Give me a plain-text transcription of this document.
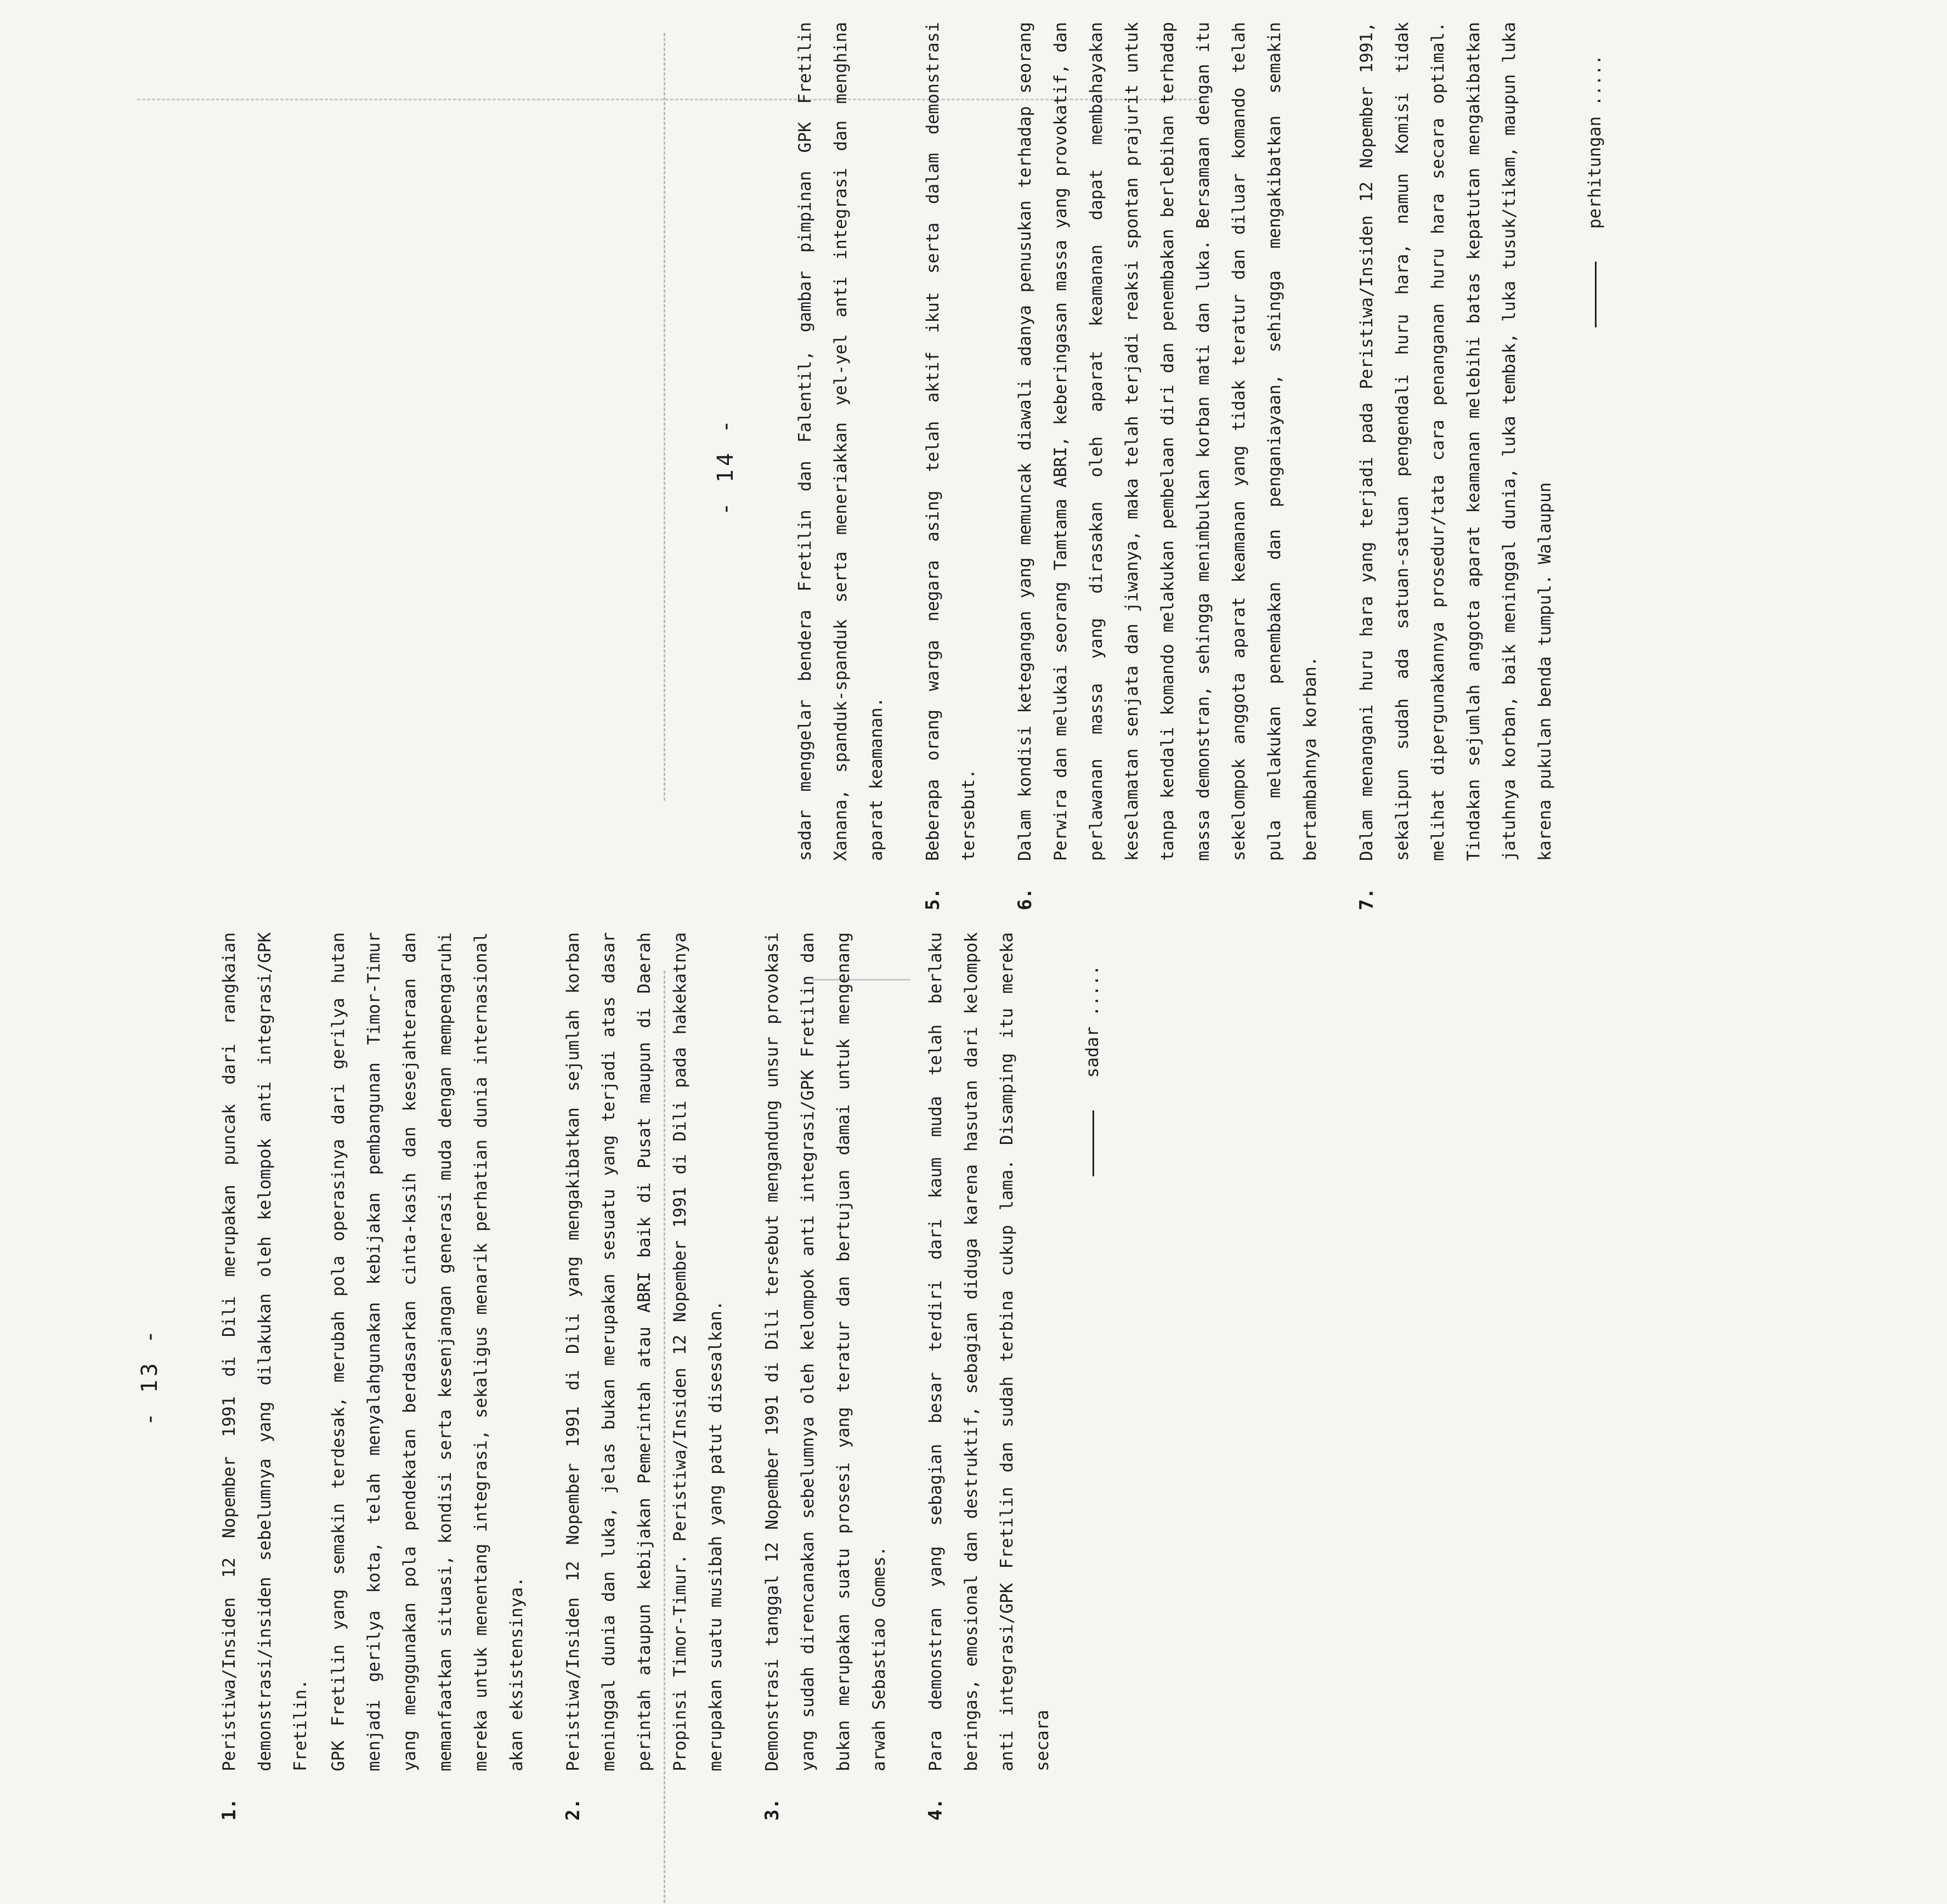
- 13 -
1.

Peristiwa/Insiden 12 Nopember 1991 di Dili merupakan puncak dari rangkaian demonstrasi/insiden sebelumnya yang dilakukan oleh kelompok anti integrasi/GPK Fretilin.	GPK Fretilin yang semakin terdesak, merubah pola operasinya dari gerilya hutan menjadi gerilya kota, telah menyalahgunakan kebijakan pembangunan Timor-Timur yang menggunakan pola pendekatan berdasarkan cinta-kasih dan kesejahteraan dan memanfaatkan situasi, kondisi serta kesenjangan generasi muda dengan mempengaruhi mereka untuk menentang integrasi, sekaligus menarik perhatian dunia internasional akan eksistensinya.

2.

Peristiwa/Insiden 12 Nopember 1991 di Dili yang mengakibatkan sejumlah korban meninggal dunia dan luka, jelas bukan merupakan sesuatu yang terjadi atas dasar perintah ataupun kebijakan Pemerintah atau ABRI baik di Pusat maupun di Daerah Propinsi Timor-Timur. Peristiwa/Insiden 12 Nopember 1991 di Dili pada hakekatnya merupakan suatu musibah yang patut disesalkan.

3.

Demonstrasi tanggal 12 Nopember 1991 di Dili tersebut mengandung unsur provokasi yang sudah direncanakan sebelumnya oleh kelompok anti integrasi/GPK Fretilin dan bukan merupakan suatu prosesi yang teratur dan bertujuan damai untuk mengenang arwah Sebastiao Gomes.

4.

Para demonstran yang sebagian besar terdiri dari kaum muda telah berlaku beringas, emosional dan destruktif, sebagian diduga karena hasutan dari kelompok anti integrasi/GPK Fretilin dan sudah terbina cukup lama. Disamping itu mereka secara

sadar .....
- 14 -	sadar menggelar bendera Fretilin dan Falentil, gambar pimpinan GPK Fretilin Xanana, spanduk-spanduk serta meneriakkan yel-yel anti integrasi dan menghina aparat keamanan.

5.

Beberapa orang warga negara asing telah aktif ikut serta dalam demonstrasi tersebut.

6.

Dalam kondisi ketegangan yang memuncak diawali adanya penusukan terhadap seorang Perwira dan melukai seorang Tamtama ABRI, keberingasan massa yang provokatif, dan perlawanan massa yang dirasakan oleh aparat keamanan dapat membahayakan keselamatan senjata dan jiwanya, maka telah terjadi reaksi spontan prajurit untuk tanpa kendali komando melakukan pembelaan diri dan penembakan berlebihan terhadap massa demonstran, sehingga menimbulkan korban mati dan luka. Bersamaan dengan itu sekelompok anggota aparat keamanan yang tidak teratur dan diluar komando telah pula melakukan penembakan dan penganiayaan, sehingga mengakibatkan semakin bertambahnya korban.

7.

Dalam menangani huru hara yang terjadi pada Peristiwa/Insiden 12 Nopember 1991, sekalipun sudah ada satuan-satuan pengendali huru hara, namun Komisi tidak melihat dipergunakannya prosedur/tata cara penanganan huru hara secara optimal. Tindakan sejumlah anggota aparat keamanan melebihi batas kepatutan mengakibatkan jatuhnya korban, baik meninggal dunia, luka tembak, luka tusuk/tikam, maupun luka karena pukulan benda tumpul. Walaupun

perhitungan .....
